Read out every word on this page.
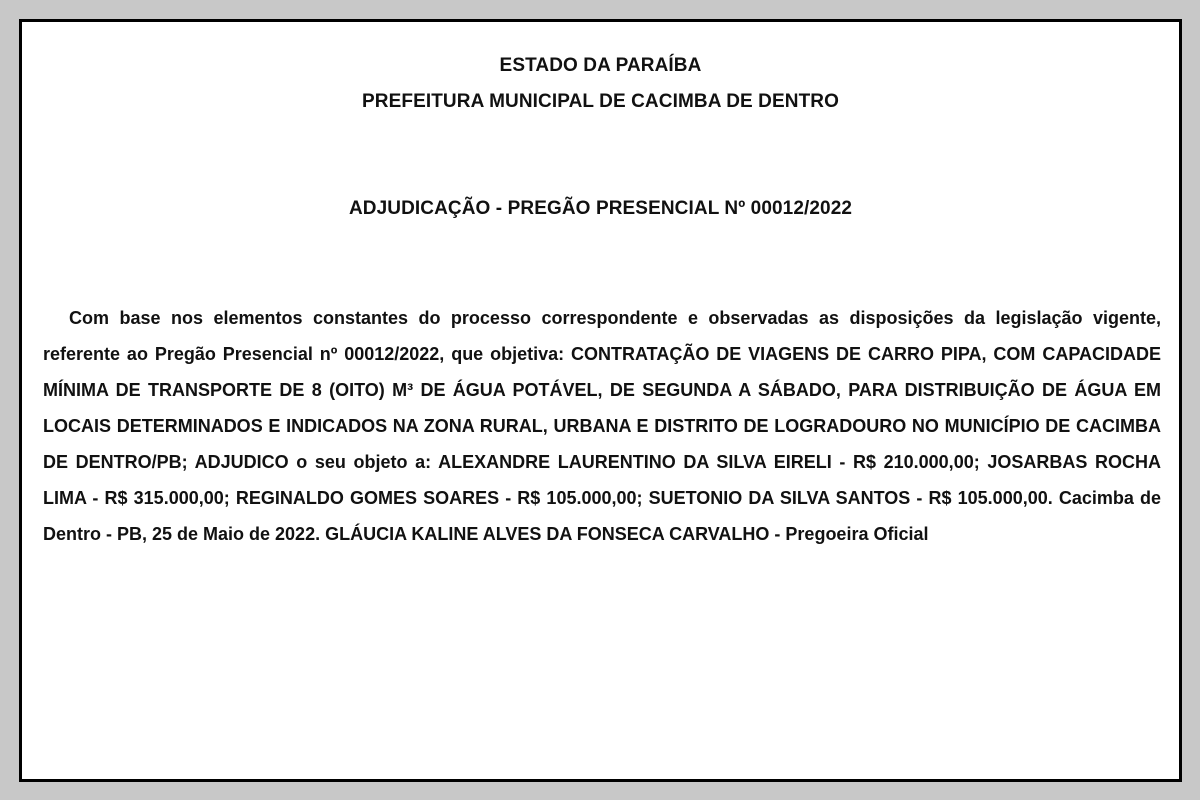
ESTADO DA PARAÍBA
PREFEITURA MUNICIPAL DE CACIMBA DE DENTRO
ADJUDICAÇÃO - PREGÃO PRESENCIAL Nº 00012/2022

Com base nos elementos constantes do processo correspondente e observadas as disposições da legislação vigente, referente ao Pregão Presencial nº 00012/2022, que objetiva: CONTRATAÇÃO DE VIAGENS DE CARRO PIPA, COM CAPACIDADE MÍNIMA DE TRANSPORTE DE 8 (OITO) M³ DE ÁGUA POTÁVEL, DE SEGUNDA A SÁBADO, PARA DISTRIBUIÇÃO DE ÁGUA EM LOCAIS DETERMINADOS E INDICADOS NA ZONA RURAL, URBANA E DISTRITO DE LOGRADOURO NO MUNICÍPIO DE CACIMBA DE DENTRO/PB; ADJUDICO o seu objeto a: ALEXANDRE LAURENTINO DA SILVA EIRELI - R$ 210.000,00; JOSARBAS ROCHA LIMA - R$ 315.000,00; REGINALDO GOMES SOARES - R$ 105.000,00; SUETONIO DA SILVA SANTOS - R$ 105.000,00. Cacimba de Dentro - PB, 25 de Maio de 2022. GLÁUCIA KALINE ALVES DA FONSECA CARVALHO - Pregoeira Oficial
